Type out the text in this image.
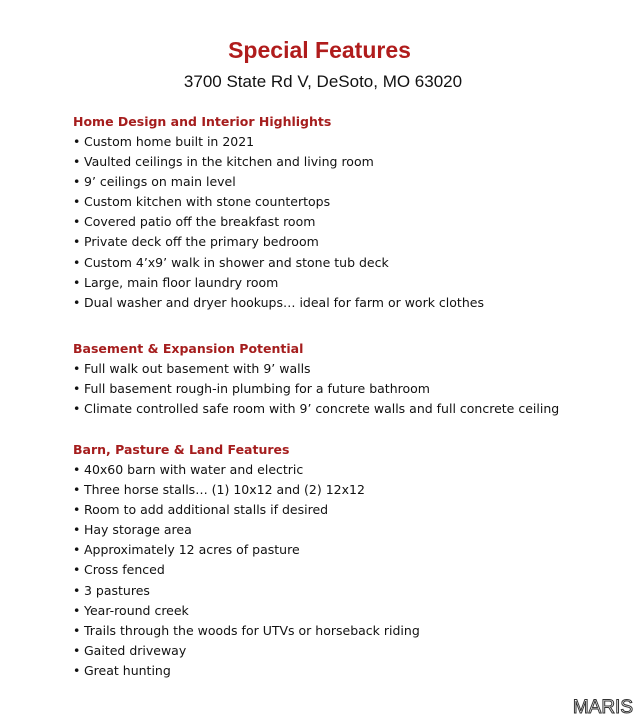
Special Features
3700 State Rd V, DeSoto, MO 63020
Home Design and Interior Highlights
• Custom home built in 2021
• Vaulted ceilings in the kitchen and living room
• 9’ ceilings on main level
• Custom kitchen with stone countertops
• Covered patio off the breakfast room
• Private deck off the primary bedroom
• Custom 4’x9’ walk in shower and stone tub deck
• Large, main floor laundry room
• Dual washer and dryer hookups… ideal for farm or work clothes
Basement & Expansion Potential
• Full walk out basement with 9’ walls
• Full basement rough-in plumbing for a future bathroom
• Climate controlled safe room with 9’ concrete walls and full concrete ceiling
Barn, Pasture & Land Features
• 40x60 barn with water and electric
• Three horse stalls… (1) 10x12 and (2) 12x12
• Room to add additional stalls if desired
• Hay storage area
• Approximately 12 acres of pasture
• Cross fenced
• 3 pastures
• Year-round creek
• Trails through the woods for UTVs or horseback riding
• Gaited driveway
• Great hunting
MARIS
